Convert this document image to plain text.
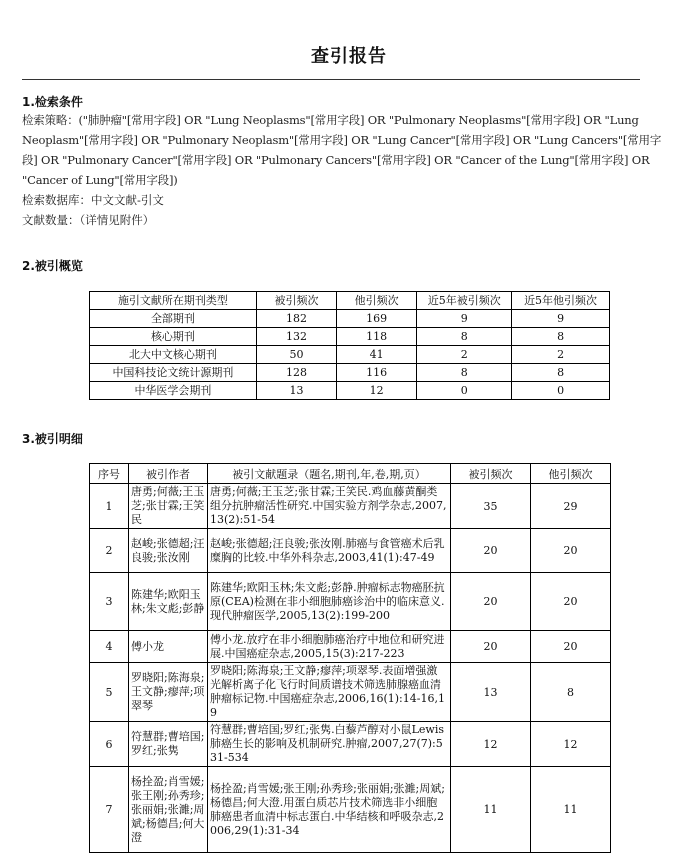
查引报告
1.检索条件
检索策略：("肺肿瘤"[常用字段] OR "Lung Neoplasms"[常用字段] OR "Pulmonary Neoplasms"[常用字段] OR "Lung Neoplasm"[常用字段] OR "Pulmonary Neoplasm"[常用字段] OR "Lung Cancer"[常用字段] OR "Lung Cancers"[常用字段] OR "Pulmonary Cancer"[常用字段] OR "Pulmonary Cancers"[常用字段] OR "Cancer of the Lung"[常用字段] OR "Cancer of Lung"[常用字段])
检索数据库：中文文献-引文
文献数量：（详情见附件）
2.被引概览
施引文献所在期刊类型	被引频次	他引频次	近5年被引频次	近5年他引频次
全部期刊	182	169	9	9
核心期刊	132	118	8	8
北大中文核心期刊	50	41	2	2
中国科技论文统计源期刊	128	116	8	8
中华医学会期刊	13	12	0	0
3.被引明细
序号	被引作者	被引文献题录（题名,期刊,年,卷,期,页）	被引频次	他引频次
1	唐勇;何薇;王玉芝;张甘霖;王笑民	唐勇;何薇;王玉芝;张甘霖;王笑民.鸡血藤黄酮类组分抗肿瘤活性研究.中国实验方剂学杂志,2007,13(2):51-54	35	29
2	赵峻;张德超;汪良骏;张汝刚	赵峻;张德超;汪良骏;张汝刚.肺癌与食管癌术后乳糜胸的比较.中华外科杂志,2003,41(1):47-49	20	20
3	陈建华;欧阳玉林;朱文彪;彭静	陈建华;欧阳玉林;朱文彪;彭静.肿瘤标志物癌胚抗原(CEA)检测在非小细胞肺癌诊治中的临床意义.现代肿瘤医学,2005,13(2):199-200	20	20
4	傅小龙	傅小龙.放疗在非小细胞肺癌治疗中地位和研究进展.中国癌症杂志,2005,15(3):217-223	20	20
5	罗晓阳;陈海泉;王文静;瘳萍;项翠琴	罗晓阳;陈海泉;王文静;瘳萍;项翠琴.表面增强激光解析离子化飞行时间质谱技术筛选肺腺癌血清肿瘤标记物.中国癌症杂志,2006,16(1):14-16,19	13	8
6	符慧群;曹培国;罗红;张隽	符慧群;曹培国;罗红;张隽.白藜芦醇对小鼠Lewis肺癌生长的影响及机制研究.肿瘤,2007,27(7):531-534	12	12
7	杨拴盈;肖雪媛;张王刚;孙秀珍;张丽娟;张濉;周斌;杨德昌;何大澄	杨拴盈;肖雪媛;张王刚;孙秀珍;张丽娟;张濉;周斌;杨德昌;何大澄.用蛋白质芯片技术筛选非小细胞肺癌患者血清中标志蛋白.中华结核和呼吸杂志,2006,29(1):31-34	11	11
